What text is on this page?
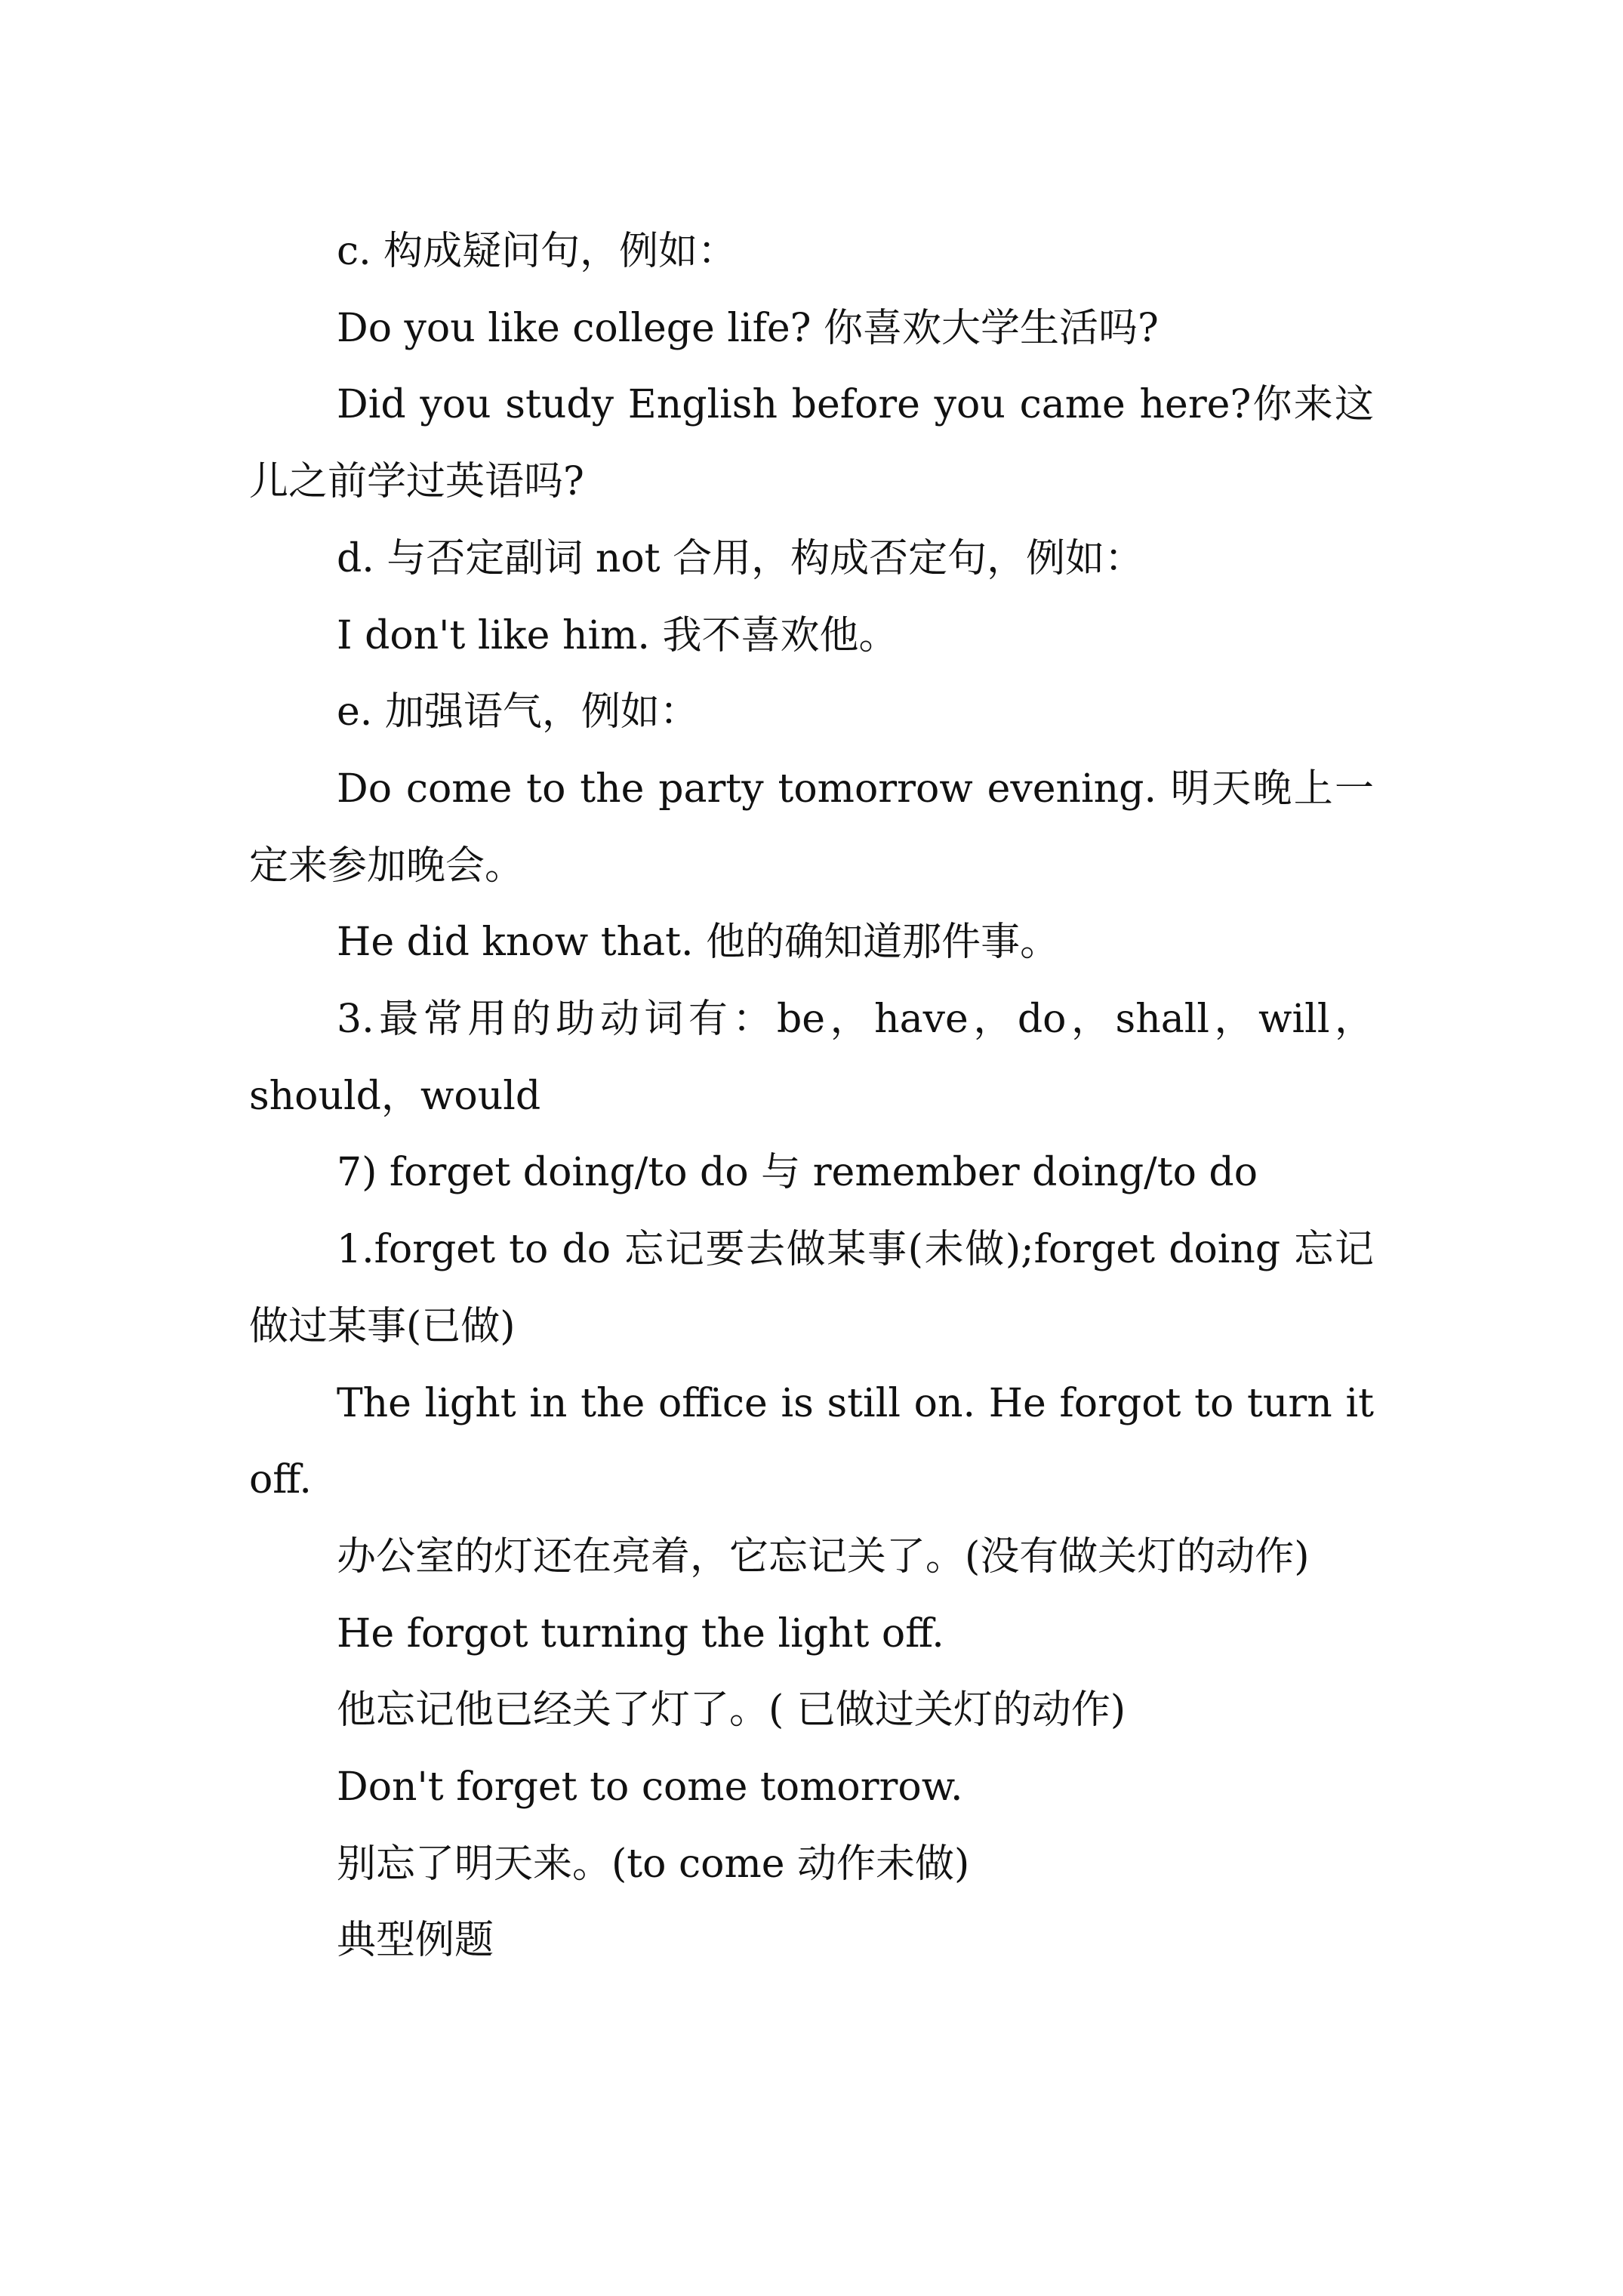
c. 构成疑问句，例如：

Do you like college life? 你喜欢大学生活吗?

Did you study English before you came here?你来这儿之前学过英语吗?

d. 与否定副词 not 合用，构成否定句，例如：

I don't like him. 我不喜欢他。

e. 加强语气，例如：

Do come to the party tomorrow evening. 明天晚上一定来参加晚会。

He did know that. 他的确知道那件事。

3.最常用的助动词有：be，have，do，shall，will，should，would

7) forget doing/to do 与 remember doing/to do

1.forget to do 忘记要去做某事(未做);forget doing 忘记做过某事(已做)

The light in the office is still on. He forgot to turn it off.

办公室的灯还在亮着，它忘记关了。(没有做关灯的动作)

He forgot turning the light off.

他忘记他已经关了灯了。( 已做过关灯的动作)

Don't forget to come tomorrow.

别忘了明天来。(to come 动作未做)

典型例题
